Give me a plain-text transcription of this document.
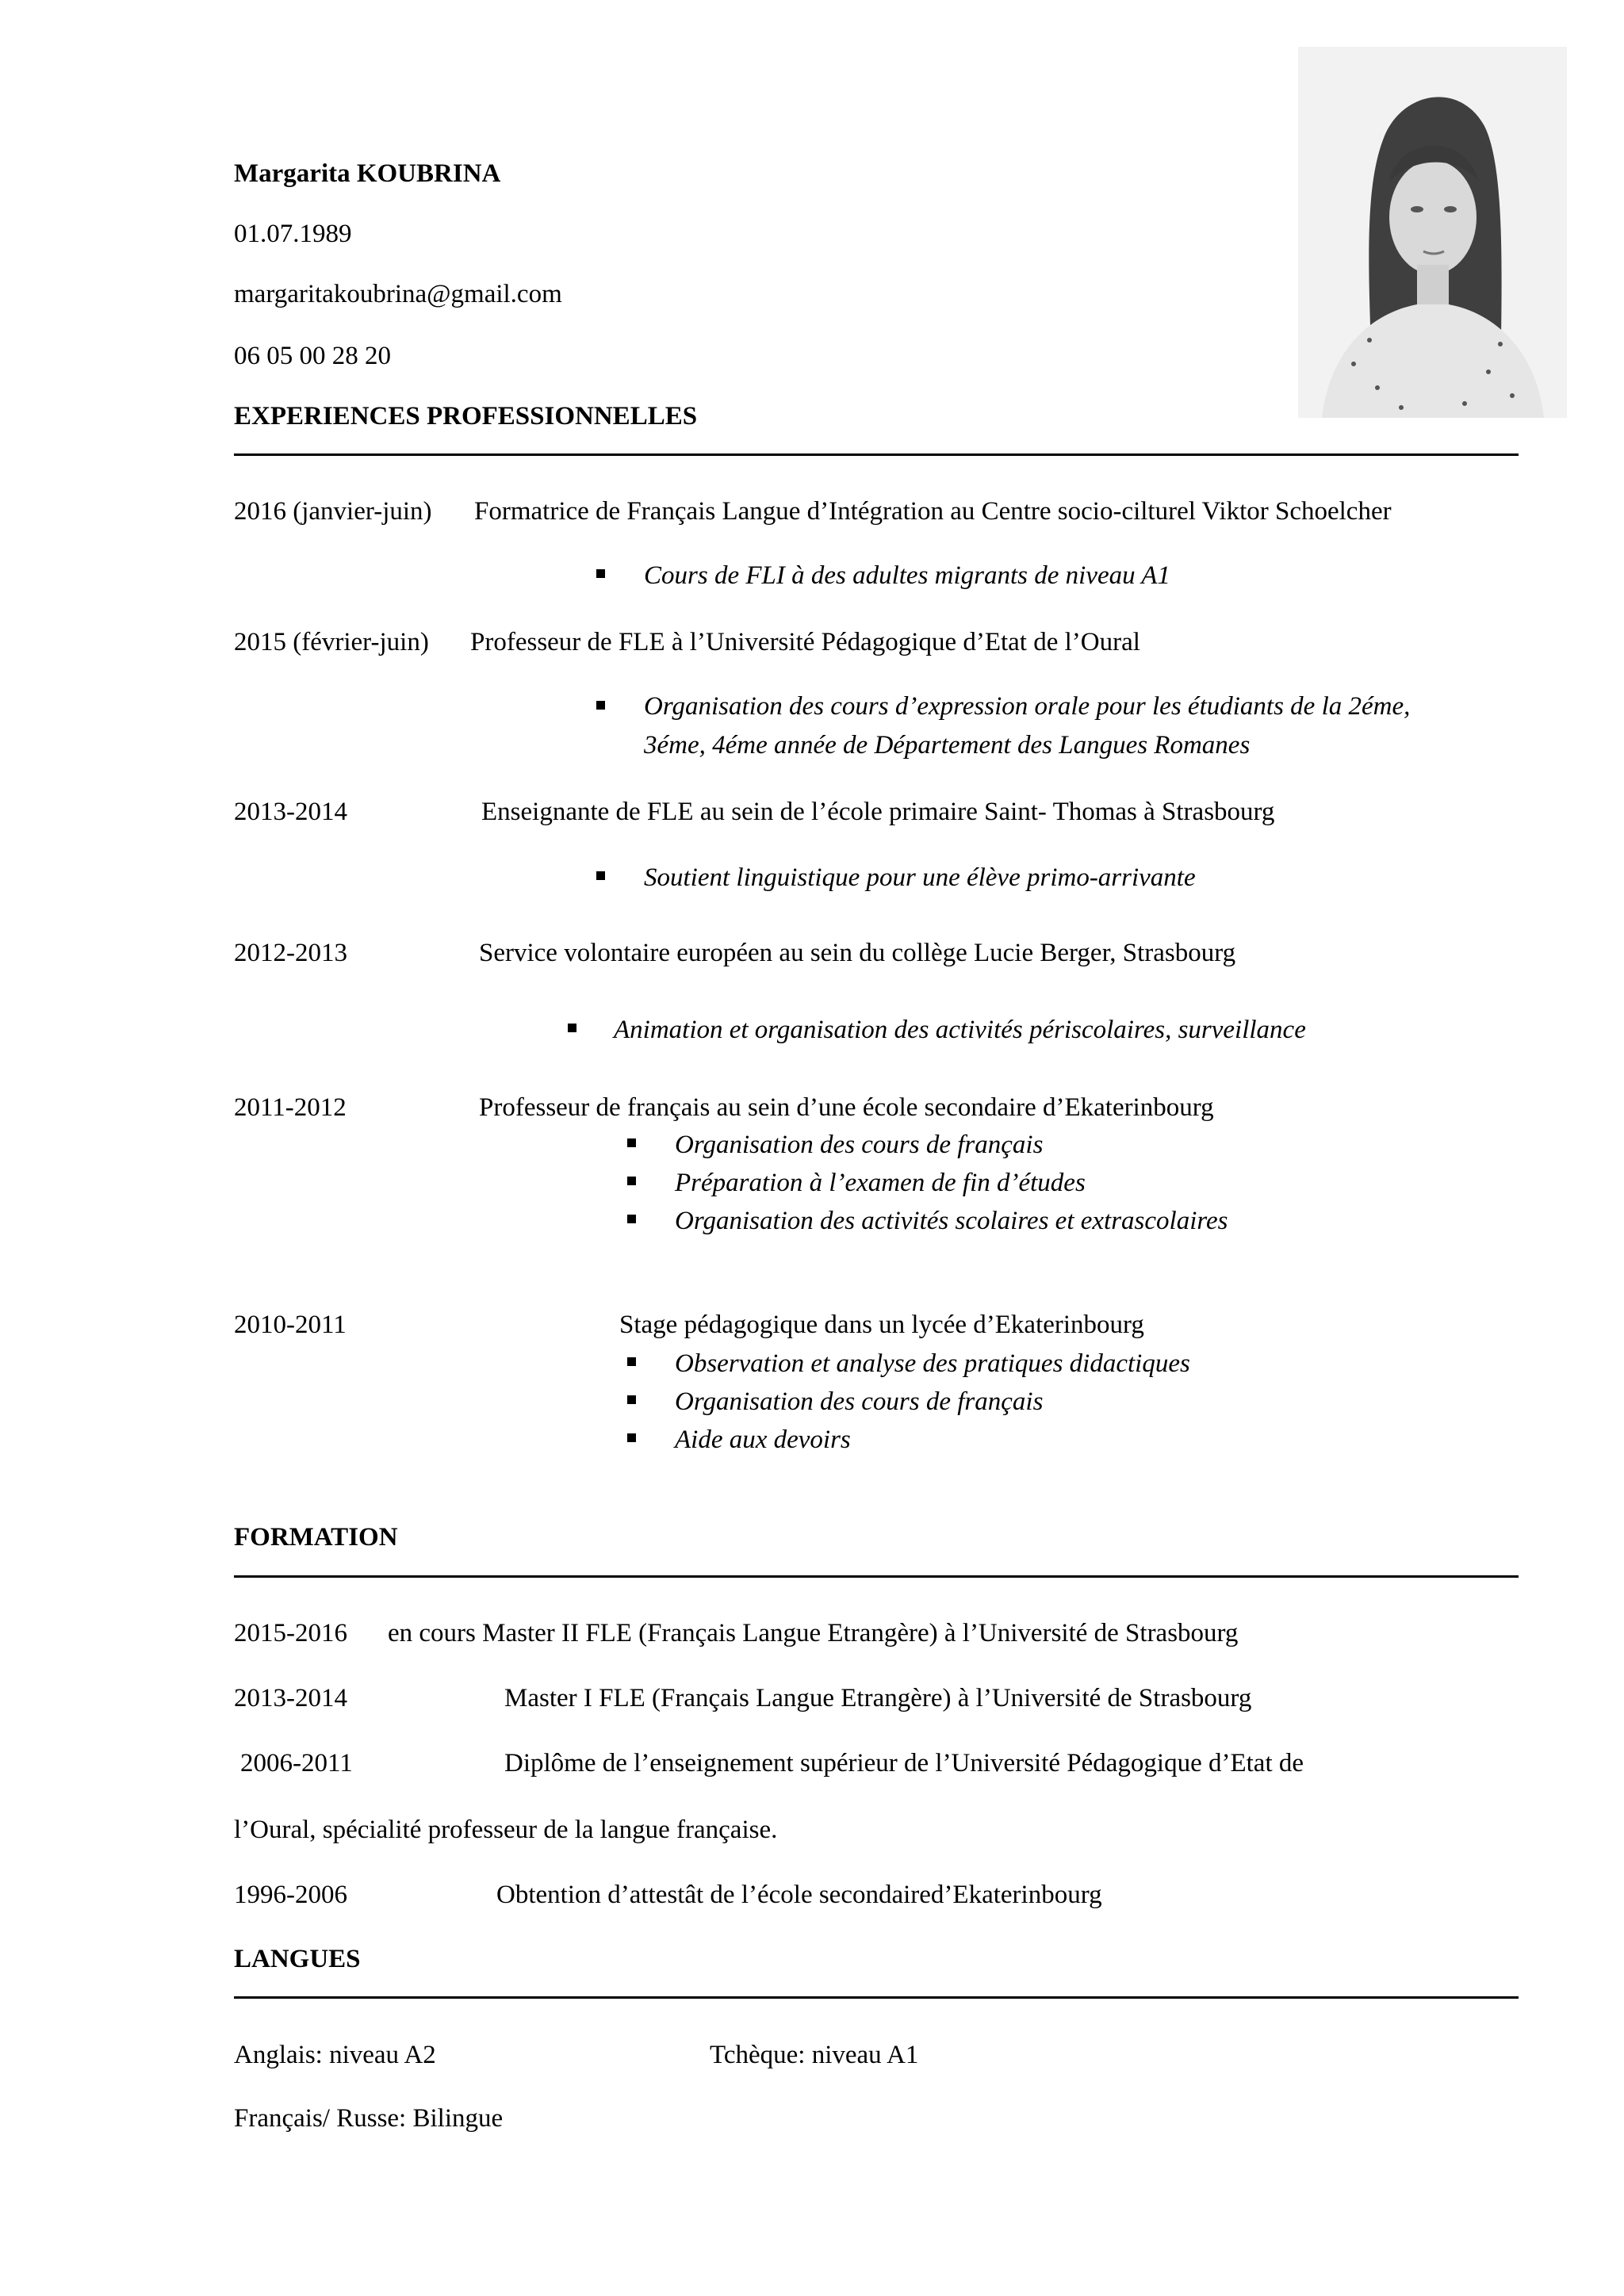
Margarita KOUBRINA
01.07.1989
margaritakoubrina@gmail.com
06 05 00 28 20
EXPERIENCES PROFESSIONNELLES
2016 (janvier-juin) Formatrice de Français Langue d’Intégration au Centre socio-cilturel Viktor Schoelcher
Cours de FLI à des adultes migrants de niveau A1
2015 (février-juin) Professeur de FLE à l’Université Pédagogique d’Etat de l’Oural
Organisation des cours d’expression orale pour les étudiants de la 2éme,
3éme, 4éme année de Département des Langues Romanes
2013-2014	Enseignante de FLE au sein de l’école primaire Saint- Thomas à Strasbourg
Soutient linguistique pour une élève primo-arrivante
2012-2013	Service volontaire européen au sein du collège Lucie Berger, Strasbourg
Animation et organisation des activités périscolaires, surveillance
2011-2012	Professeur de français au sein d’une école secondaire d’Ekaterinbourg
Organisation des cours de français
Préparation à l’examen de fin d’études
Organisation des activités scolaires et extrascolaires
2010-2011	Stage pédagogique dans un lycée d’Ekaterinbourg
Observation et analyse des pratiques didactiques
Organisation des cours de français
Aide aux devoirs
FORMATION
2015-2016 en cours Master II FLE (Français Langue Etrangère) à l’Université de Strasbourg
2013-2014	Master I FLE (Français Langue Etrangère) à l’Université de Strasbourg
2006-2011	Diplôme de l’enseignement supérieur de l’Université Pédagogique d’Etat de
l’Oural, spécialité professeur de la langue française.
1996-2006	Obtention d’attestât de l’école secondaired’Ekaterinbourg
LANGUES
Anglais: niveau A2	Tchèque: niveau A1
Français/ Russe: Bilingue
